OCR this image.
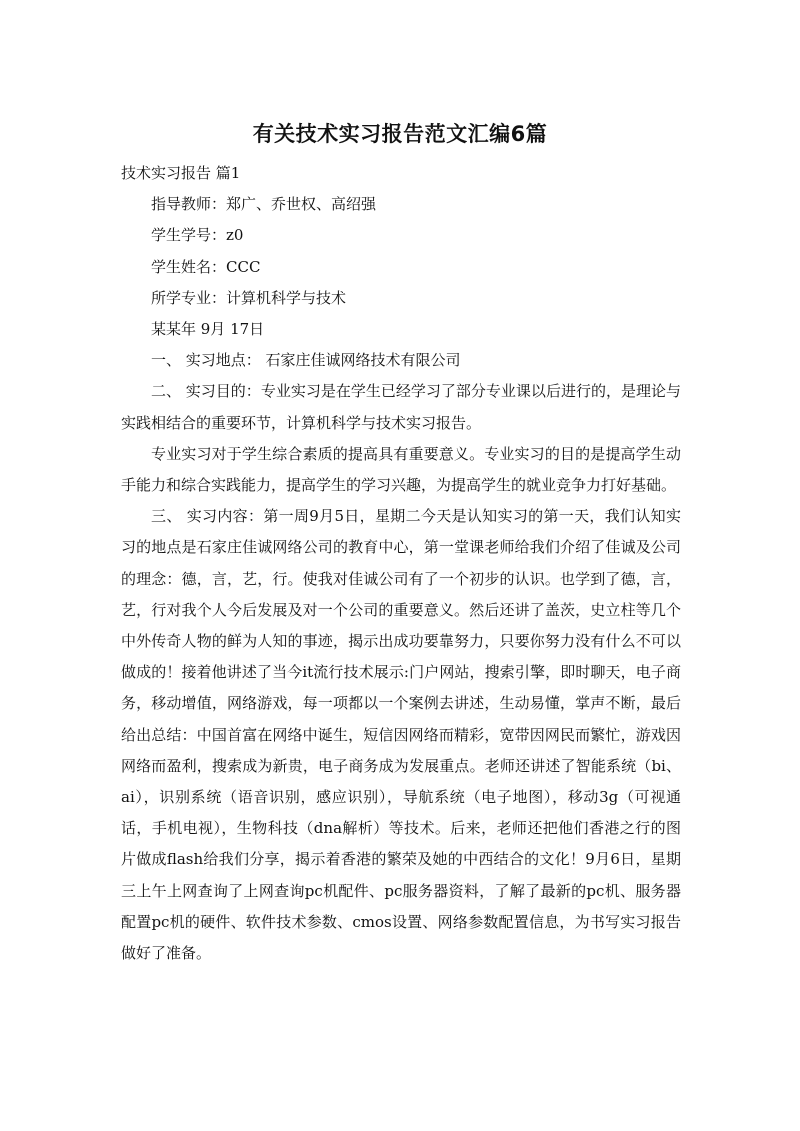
有关技术实习报告范文汇编6篇
技术实习报告 篇1
指导教师：郑广、乔世权、高绍强
学生学号：z0
学生姓名：CCC
所学专业：计算机科学与技术
某某年 9月 17日
一、 实习地点： 石家庄佳诚网络技术有限公司
二、 实习目的：专业实习是在学生已经学习了部分专业课以后进行的，是理论与实践相结合的重要环节，计算机科学与技术实习报告。
专业实习对于学生综合素质的提高具有重要意义。专业实习的目的是提高学生动手能力和综合实践能力，提高学生的学习兴趣，为提高学生的就业竞争力打好基础。
三、 实习内容：第一周9月5日，星期二今天是认知实习的第一天，我们认知实习的地点是石家庄佳诚网络公司的教育中心，第一堂课老师给我们介绍了佳诚及公司的理念：德，言，艺，行。使我对佳诚公司有了一个初步的认识。也学到了德，言，艺，行对我个人今后发展及对一个公司的重要意义。然后还讲了盖茨，史立柱等几个中外传奇人物的鲜为人知的事迹，揭示出成功要靠努力，只要你努力没有什么不可以做成的！接着他讲述了当今it流行技术展示:门户网站，搜索引擎，即时聊天，电子商务，移动增值，网络游戏，每一项都以一个案例去讲述，生动易懂，掌声不断，最后给出总结：中国首富在网络中诞生，短信因网络而精彩，宽带因网民而繁忙，游戏因网络而盈利，搜索成为新贵，电子商务成为发展重点。老师还讲述了智能系统（bi、ai），识别系统（语音识别，感应识别），导航系统（电子地图），移动3g（可视通话，手机电视），生物科技（dna解析）等技术。后来，老师还把他们香港之行的图片做成flash给我们分享，揭示着香港的繁荣及她的中西结合的文化！9月6日，星期三上午上网查询了上网查询pc机配件、pc服务器资料，了解了最新的pc机、服务器配置pc机的硬件、软件技术参数、cmos设置、网络参数配置信息，为书写实习报告做好了准备。
